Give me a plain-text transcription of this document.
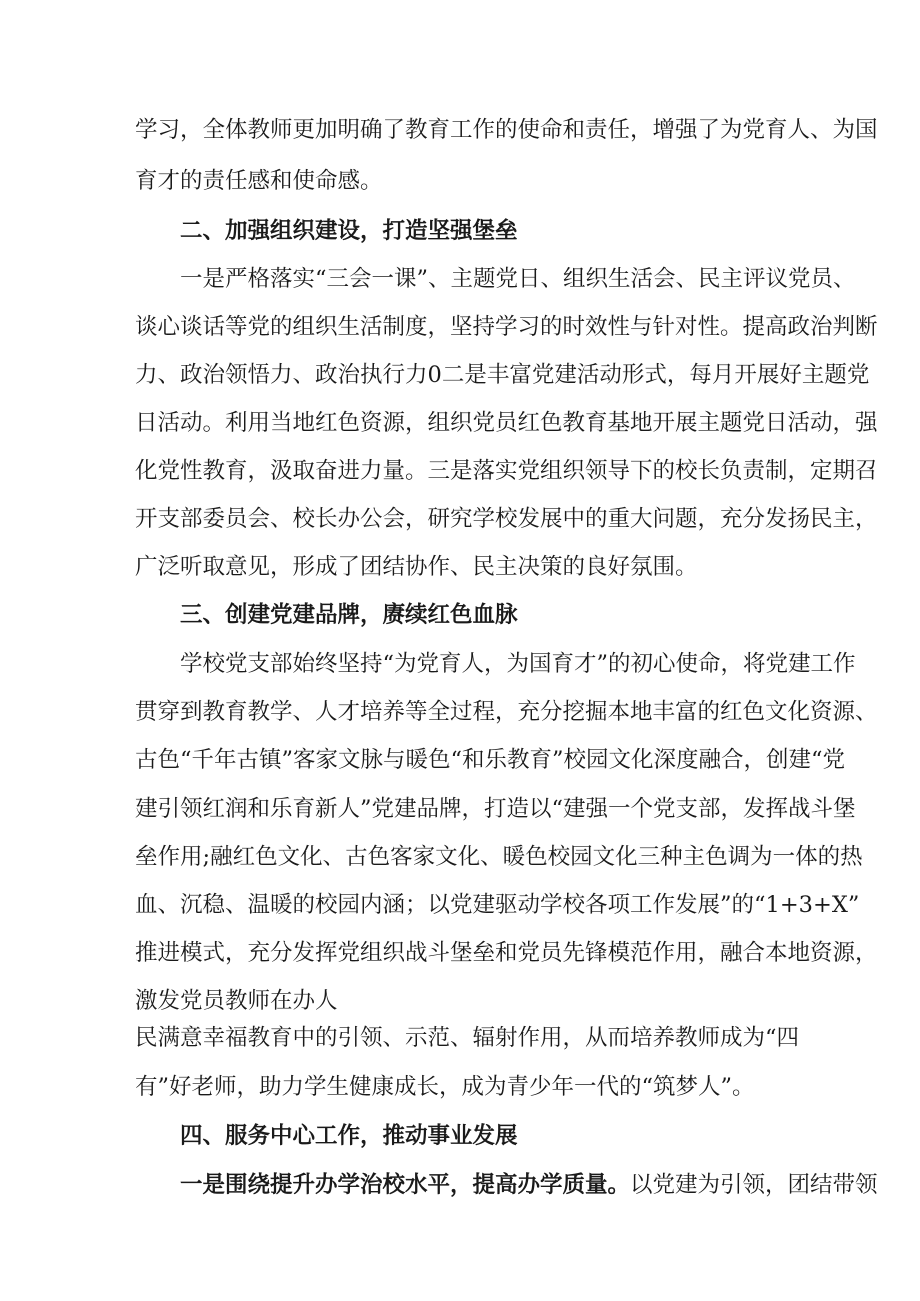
学习，全体教师更加明确了教育工作的使命和责任，增强了为党育人、为国
育才的责任感和使命感。
二、加强组织建设，打造坚强堡垒
一是严格落实“三会一课”、主题党日、组织生活会、民主评议党员、
谈心谈话等党的组织生活制度，坚持学习的时效性与针对性。提高政治判断
力、政治领悟力、政治执行力0二是丰富党建活动形式，每月开展好主题党
日活动。利用当地红色资源，组织党员红色教育基地开展主题党日活动，强
化党性教育，汲取奋进力量。三是落实党组织领导下的校长负责制，定期召
开支部委员会、校长办公会，研究学校发展中的重大问题，充分发扬民主，
广泛听取意见，形成了团结协作、民主决策的良好氛围。
三、创建党建品牌，赓续红色血脉
学校党支部始终坚持“为党育人，为国育才”的初心使命，将党建工作
贯穿到教育教学、人才培养等全过程，充分挖掘本地丰富的红色文化资源、
古色“千年古镇”客家文脉与暖色“和乐教育”校园文化深度融合，创建“党
建引领红润和乐育新人”党建品牌，打造以“建强一个党支部，发挥战斗堡
垒作用;融红色文化、古色客家文化、暖色校园文化三种主色调为一体的热
血、沉稳、温暖的校园内涵；以党建驱动学校各项工作发展”的“1+3+X”
推进模式，充分发挥党组织战斗堡垒和党员先锋模范作用，融合本地资源，
激发党员教师在办人
民满意幸福教育中的引领、示范、辐射作用，从而培养教师成为“四
有”好老师，助力学生健康成长，成为青少年一代的“筑梦人”。
四、服务中心工作，推动事业发展
一是围绕提升办学治校水平，提高办学质量。以党建为引领，团结带领
